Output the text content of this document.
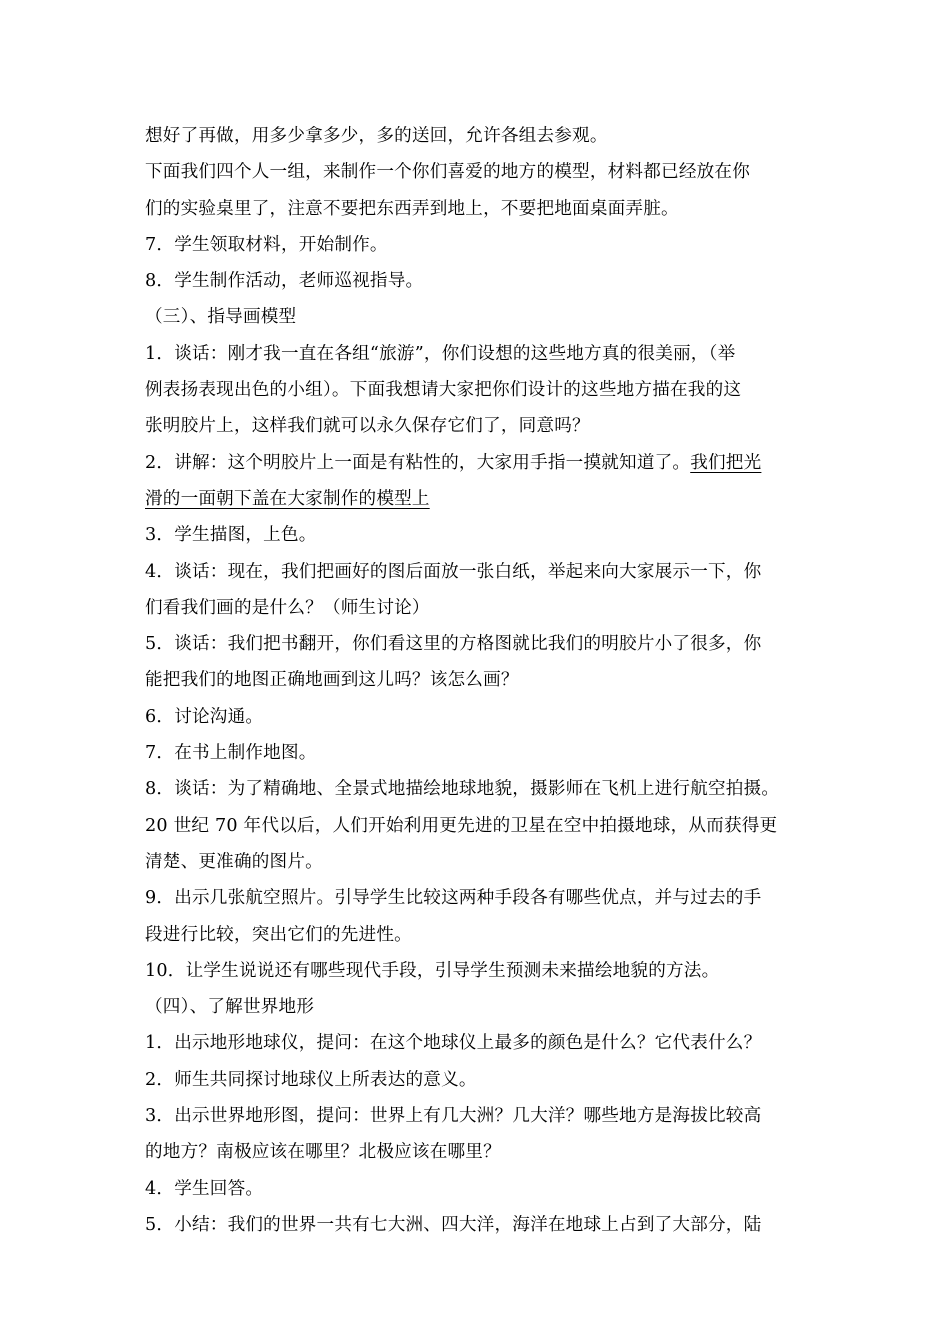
想好了再做，用多少拿多少，多的送回，允许各组去参观。
下面我们四个人一组，来制作一个你们喜爱的地方的模型，材料都已经放在你
们的实验桌里了，注意不要把东西弄到地上，不要把地面桌面弄脏。
7．学生领取材料，开始制作。
8．学生制作活动，老师巡视指导。
（三）、指导画模型
1．谈话：刚才我一直在各组“旅游”，你们设想的这些地方真的很美丽，（举
例表扬表现出色的小组）。下面我想请大家把你们设计的这些地方描在我的这
张明胶片上，这样我们就可以永久保存它们了，同意吗？
2．讲解：这个明胶片上一面是有粘性的，大家用手指一摸就知道了。我们把光
滑的一面朝下盖在大家制作的模型上
3．学生描图，上色。
4．谈话：现在，我们把画好的图后面放一张白纸，举起来向大家展示一下，你
们看我们画的是什么？（师生讨论）
5．谈话：我们把书翻开，你们看这里的方格图就比我们的明胶片小了很多，你
能把我们的地图正确地画到这儿吗？该怎么画？
6．讨论沟通。
7．在书上制作地图。
8．谈话：为了精确地、全景式地描绘地球地貌，摄影师在飞机上进行航空拍摄。
20 世纪 70 年代以后，人们开始利用更先进的卫星在空中拍摄地球，从而获得更
清楚、更准确的图片。
9．出示几张航空照片。引导学生比较这两种手段各有哪些优点，并与过去的手
段进行比较，突出它们的先进性。
10．让学生说说还有哪些现代手段，引导学生预测未来描绘地貌的方法。
（四）、了解世界地形
1．出示地形地球仪，提问：在这个地球仪上最多的颜色是什么？它代表什么？
2．师生共同探讨地球仪上所表达的意义。
3．出示世界地形图，提问：世界上有几大洲？几大洋？哪些地方是海拔比较高
的地方？南极应该在哪里？北极应该在哪里？
4．学生回答。
5．小结：我们的世界一共有七大洲、四大洋，海洋在地球上占到了大部分，陆
